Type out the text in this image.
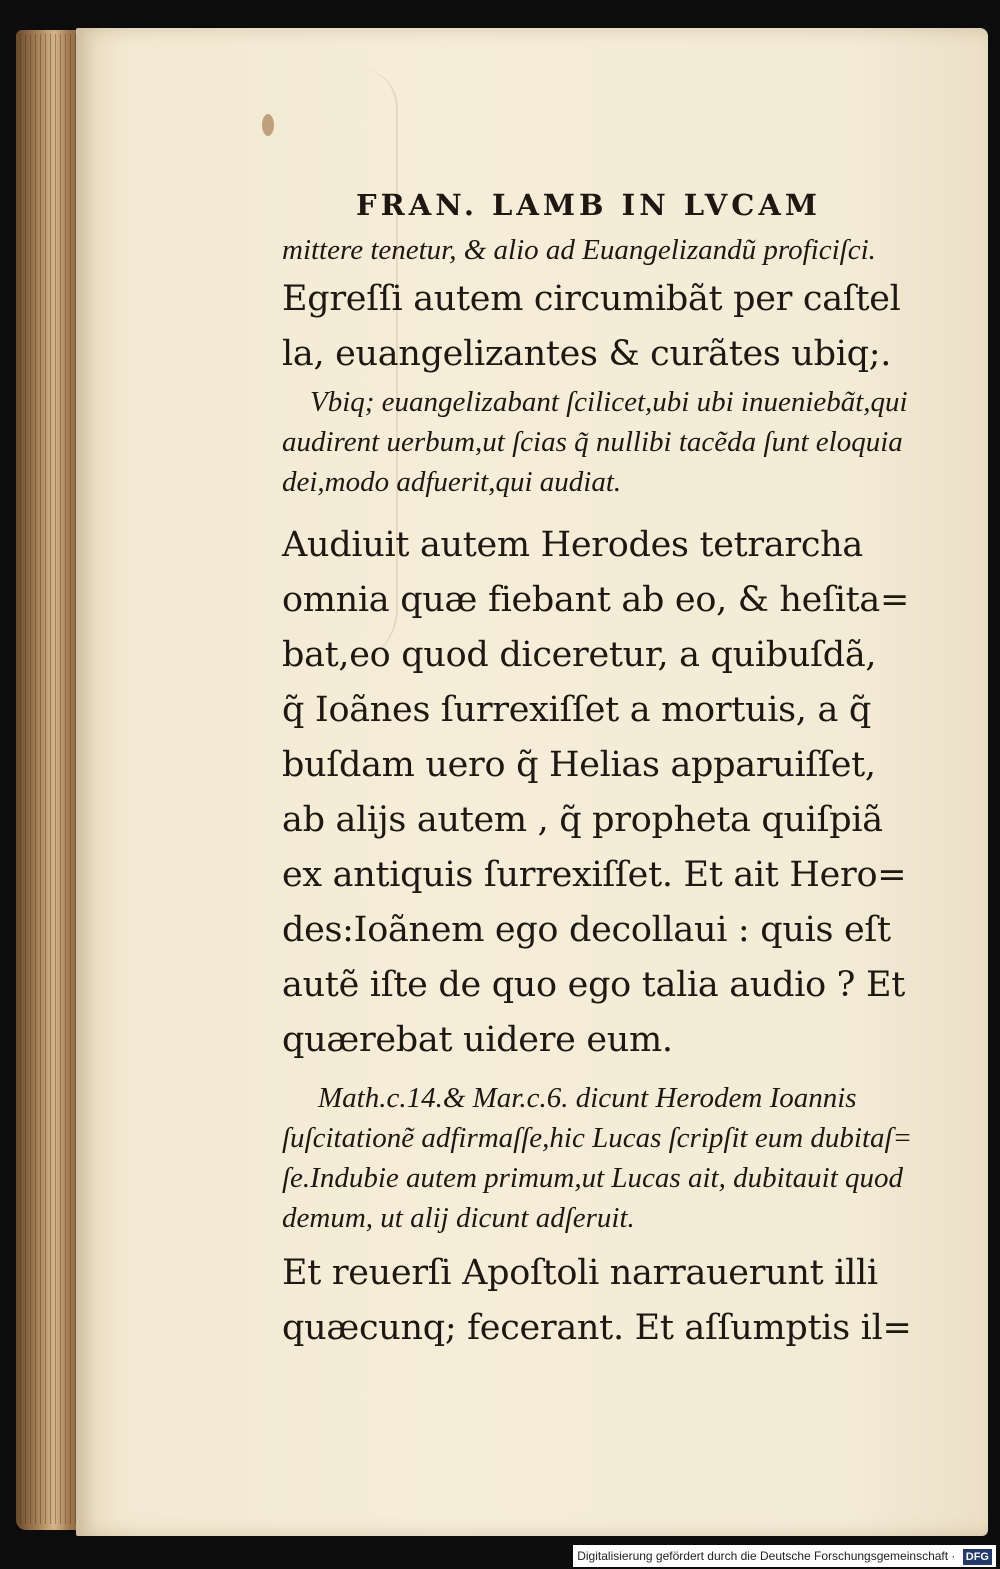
FRAN. LAMB IN LVCAM
mittere tenetur, & alio ad Euangelizandũ proficiſci.
Egreſſi autem circumibãt per caſtel
la, euangelizantes & curãtes ubiq;.
Vbiq; euangelizabant ſcilicet,ubi ubi inueniebãt,qui
audirent uerbum,ut ſcias q̃ nullibi tacẽda ſunt eloquia
dei,modo adfuerit,qui audiat.
Audiuit autem Herodes tetrarcha
omnia quæ fiebant ab eo, & heſita=
bat,eo quod diceretur, a quibuſdã,
q̃ Ioãnes ſurrexiſſet a mortuis, a q̃
buſdam uero q̃ Helias apparuiſſet,
ab alijs autem , q̃ propheta quiſpiã
ex antiquis ſurrexiſſet. Et ait Hero=
des:Ioãnem ego decollaui : quis eſt
autẽ iſte de quo ego talia audio ? Et
quærebat uidere eum.
Math.c.14.& Mar.c.6. dicunt Herodem Ioannis
ſuſcitationẽ adfirmaſſe,hic Lucas ſcripſit eum dubitaſ=
ſe.Indubie autem primum,ut Lucas ait, dubitauit quod
demum, ut alij dicunt adſeruit.
Et reuerſi Apoſtoli narrauerunt illi
quæcunq; fecerant. Et aſſumptis il=
Digitalisierung gefördert durch die Deutsche Forschungsgemeinschaft · DFG
